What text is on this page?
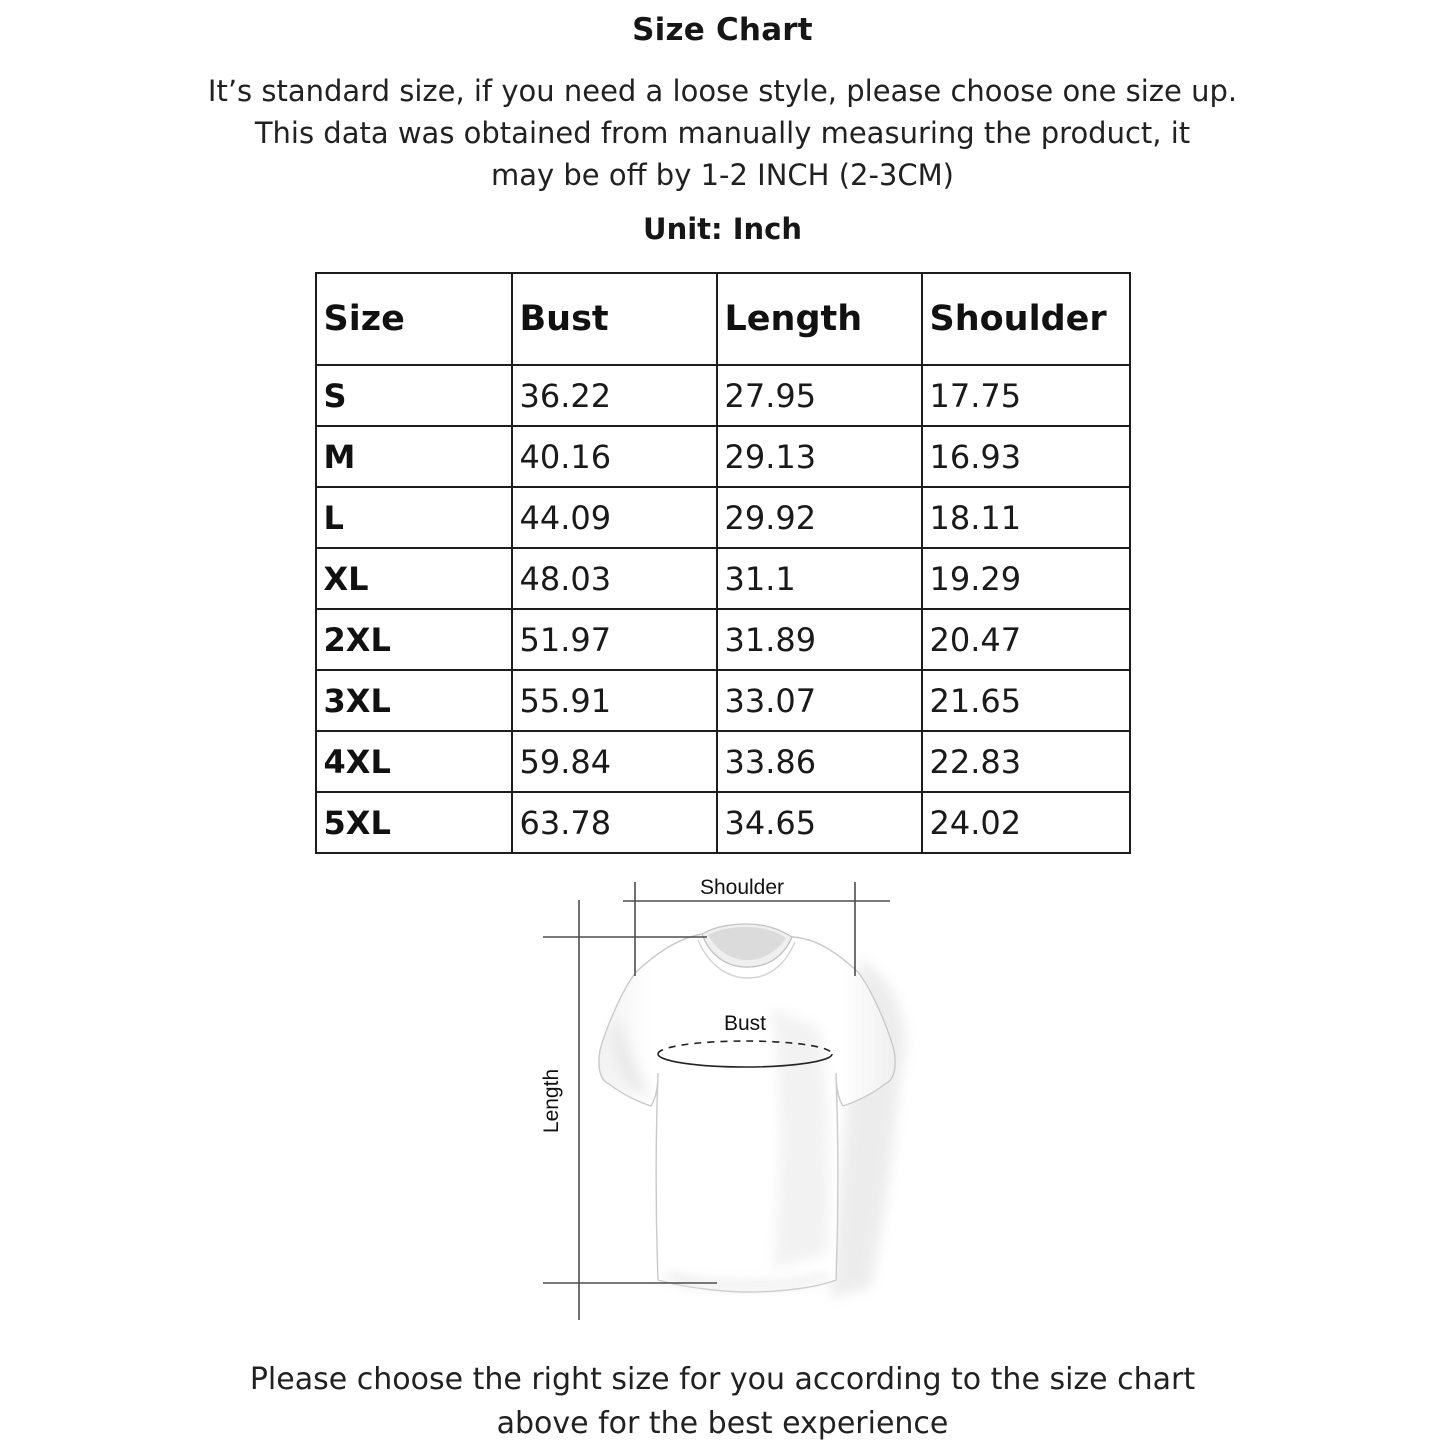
Size Chart
It’s standard size, if you need a loose style, please choose one size up.
This data was obtained from manually measuring the product, it
may be off by 1-2 INCH (2-3CM)
Unit: Inch
Size	Bust	Length	Shoulder
S	36.22	27.95	17.75
M	40.16	29.13	16.93
L	44.09	29.92	18.11
XL	48.03	31.1	19.29
2XL	51.97	31.89	20.47
3XL	55.91	33.07	21.65
4XL	59.84	33.86	22.83
5XL	63.78	34.65	24.02
Shoulder
Length
Bust
Please choose the right size for you according to the size chart
above for the best experience
